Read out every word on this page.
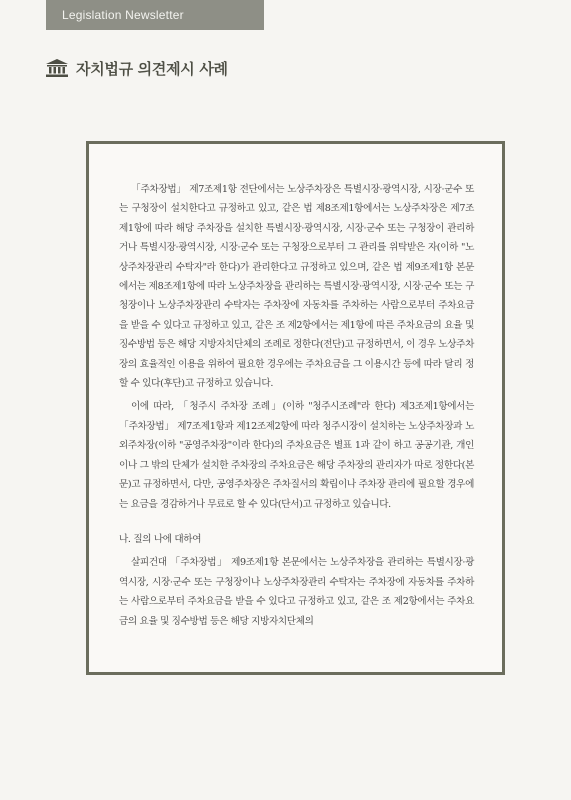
Legislation Newsletter
자치법규 의견제시 사례

「주차장법」 제7조제1항 전단에서는 노상주차장은 특별시장·광역시장, 시장·군수 또는 구청장이 설치한다고 규정하고 있고, 같은 법 제8조제1항에서는 노상주차장은 제7조제1항에 따라 해당 주차장을 설치한 특별시장·광역시장, 시장·군수 또는 구청장이 관리하거나 특별시장·광역시장, 시장·군수 또는 구청장으로부터 그 관리를 위탁받은 자(이하 "노상주차장관리 수탁자"라 한다)가 관리한다고 규정하고 있으며, 같은 법 제9조제1항 본문에서는 제8조제1항에 따라 노상주차장을 관리하는 특별시장·광역시장, 시장·군수 또는 구청장이나 노상주차장관리 수탁자는 주차장에 자동차를 주차하는 사람으로부터 주차요금을 받을 수 있다고 규정하고 있고, 같은 조 제2항에서는 제1항에 따른 주차요금의 요율 및 징수방법 등은 해당 지방자치단체의 조례로 정한다(전단)고 규정하면서, 이 경우 노상주차장의 효율적인 이용을 위하여 필요한 경우에는 주차요금을 그 이용시간 등에 따라 달리 정할 수 있다(후단)고 규정하고 있습니다.

이에 따라, 「청주시 주차장 조례」(이하 "청주시조례"라 한다) 제3조제1항에서는 「주차장법」 제7조제1항과 제12조제2항에 따라 청주시장이 설치하는 노상주차장과 노외주차장(이하 "공영주차장"이라 한다)의 주차요금은 별표 1과 같이 하고 공공기관, 개인이나 그 밖의 단체가 설치한 주차장의 주차요금은 해당 주차장의 관리자가 따로 정한다(본문)고 규정하면서, 다만, 공영주차장은 주차질서의 확립이나 주차장 관리에 필요할 경우에는 요금을 경감하거나 무료로 할 수 있다(단서)고 규정하고 있습니다.

나. 질의 나에 대하여

살피건대 「주차장법」 제9조제1항 본문에서는 노상주차장을 관리하는 특별시장·광역시장, 시장·군수 또는 구청장이나 노상주차장관리 수탁자는 주차장에 자동차를 주차하는 사람으로부터 주차요금을 받을 수 있다고 규정하고 있고, 같은 조 제2항에서는 주차요금의 요율 및 징수방법 등은 해당 지방자치단체의
